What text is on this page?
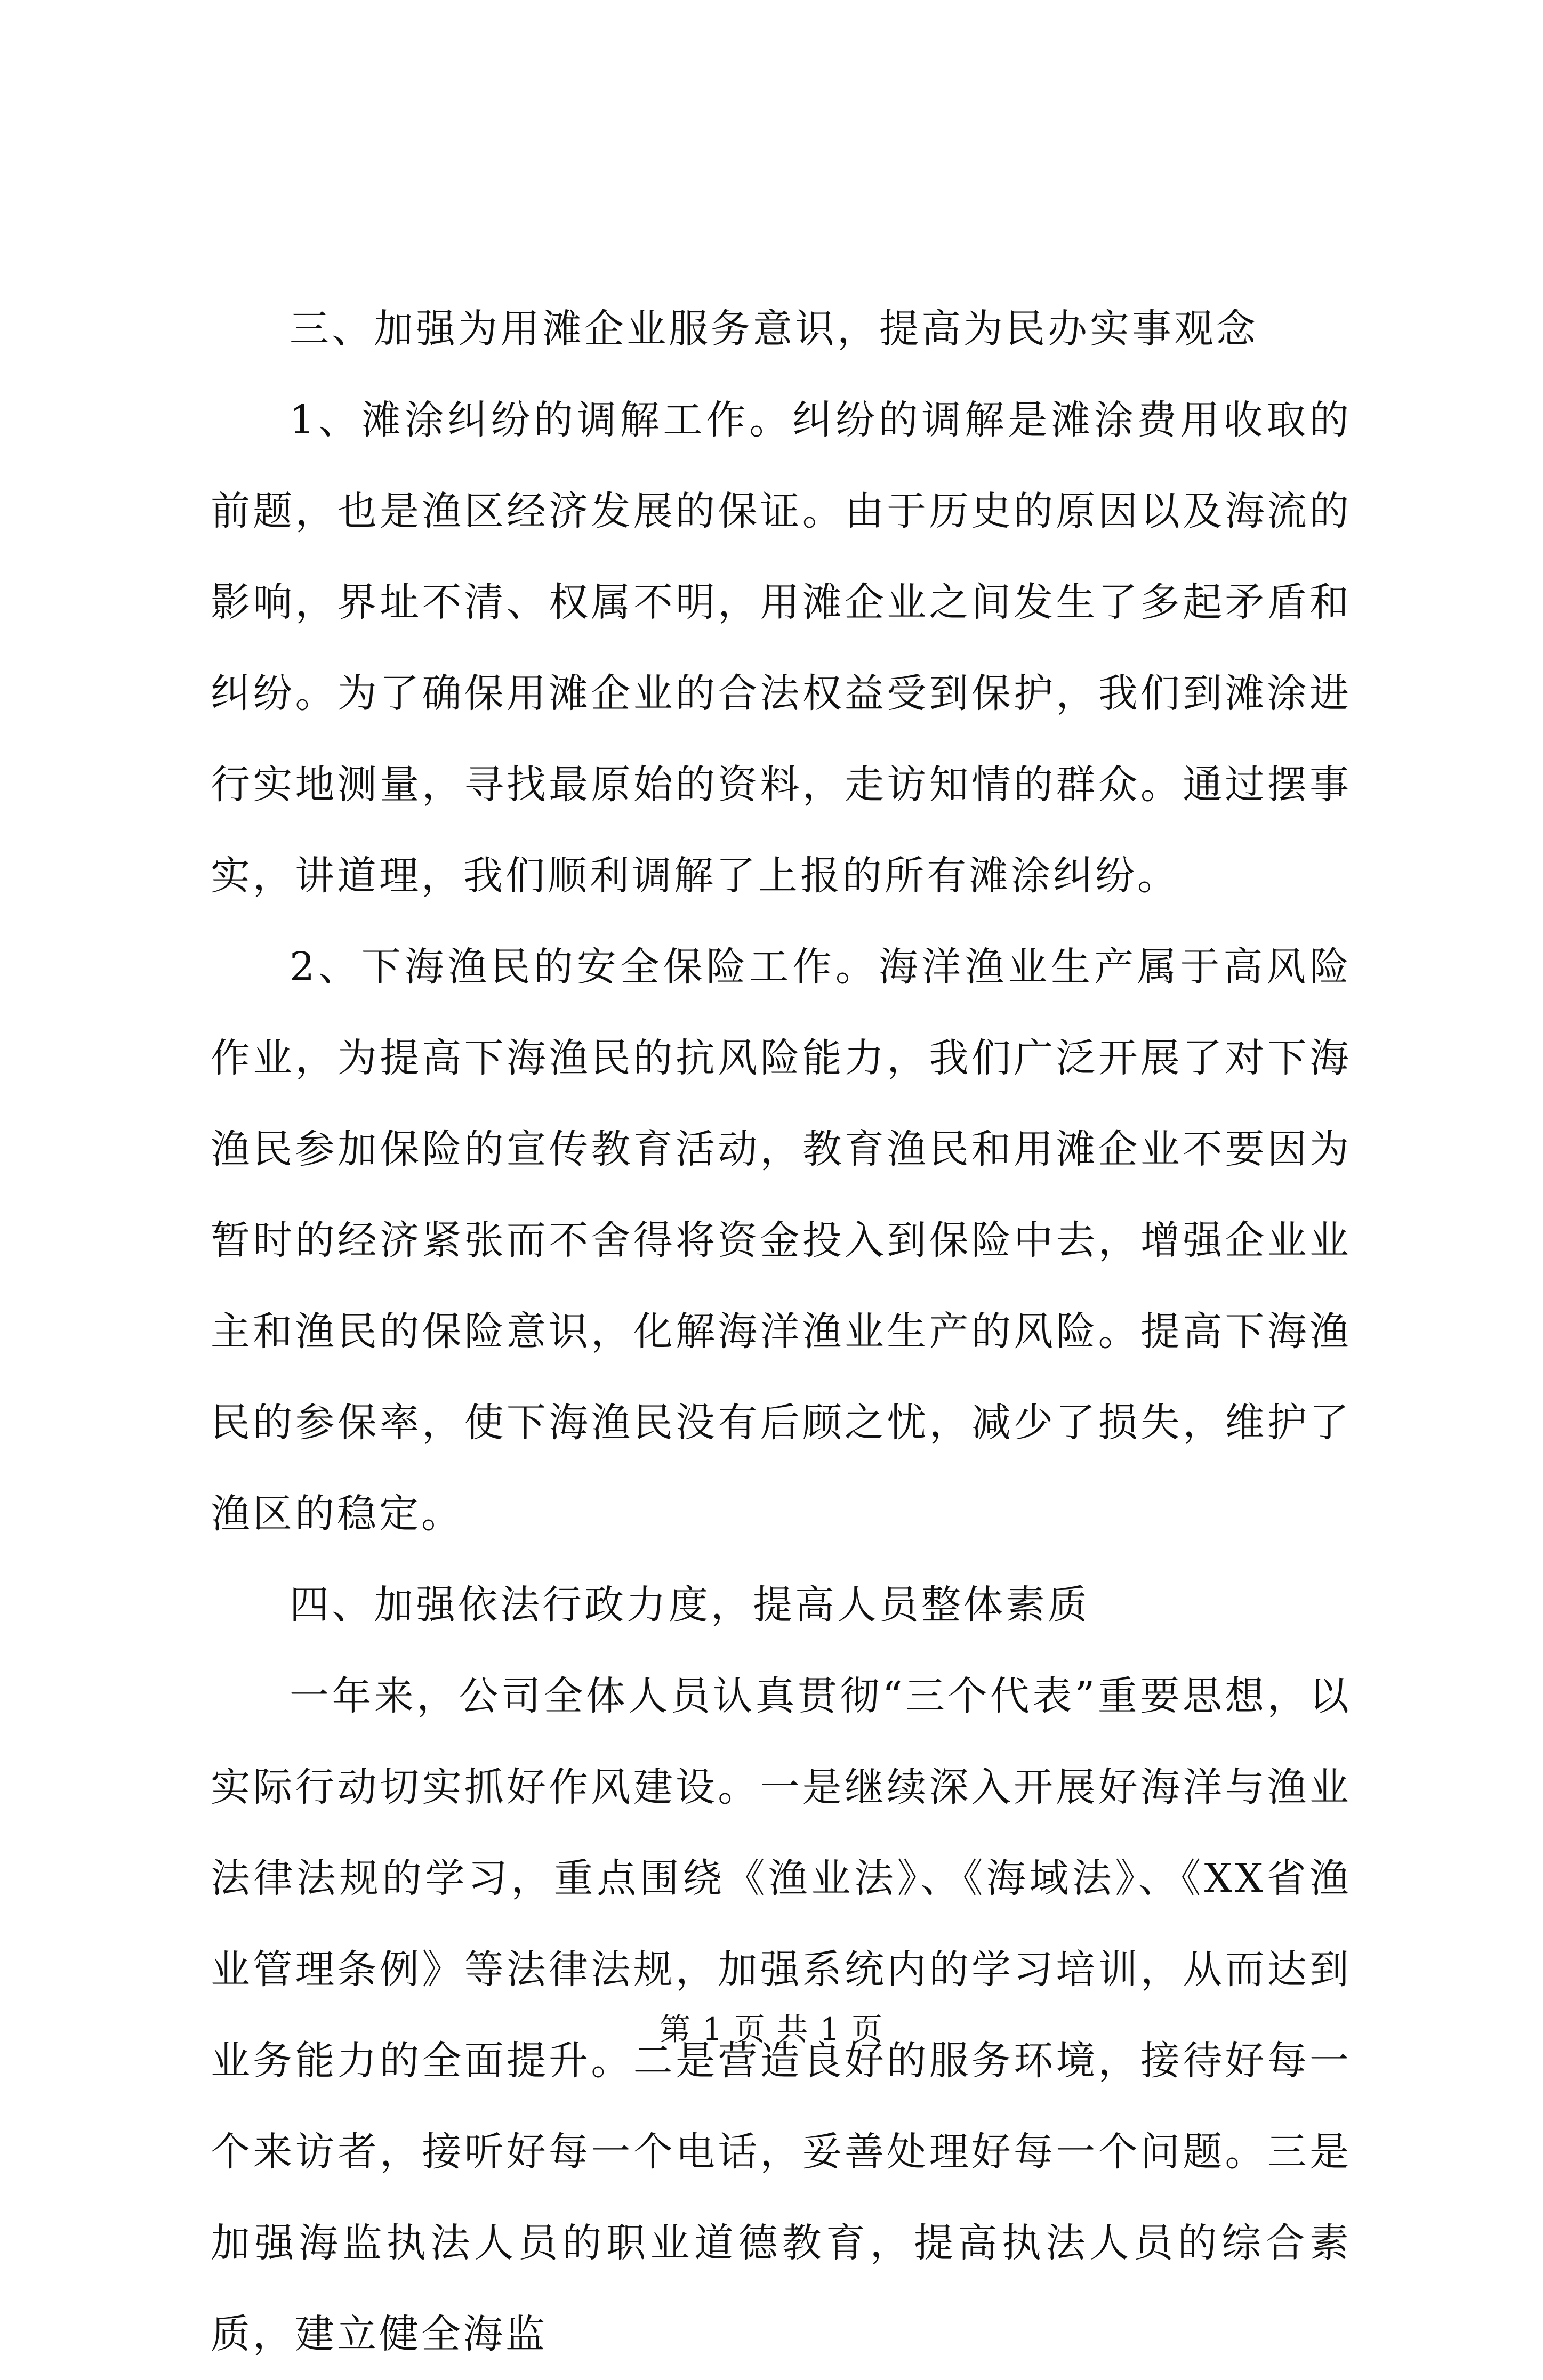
三、加强为用滩企业服务意识，提高为民办实事观念

1、滩涂纠纷的调解工作。纠纷的调解是滩涂费用收取的前题，也是渔区经济发展的保证。由于历史的原因以及海流的影响，界址不清、权属不明，用滩企业之间发生了多起矛盾和纠纷。为了确保用滩企业的合法权益受到保护，我们到滩涂进行实地测量，寻找最原始的资料，走访知情的群众。通过摆事实，讲道理，我们顺利调解了上报的所有滩涂纠纷。

2、下海渔民的安全保险工作。海洋渔业生产属于高风险作业，为提高下海渔民的抗风险能力，我们广泛开展了对下海渔民参加保险的宣传教育活动，教育渔民和用滩企业不要因为暂时的经济紧张而不舍得将资金投入到保险中去，增强企业业主和渔民的保险意识，化解海洋渔业生产的风险。提高下海渔民的参保率，使下海渔民没有后顾之忧，减少了损失，维护了渔区的稳定。

四、加强依法行政力度，提高人员整体素质

一年来，公司全体人员认真贯彻“三个代表”重要思想，以实际行动切实抓好作风建设。一是继续深入开展好海洋与渔业法律法规的学习，重点围绕《渔业法》、《海域法》、《XX省渔业管理条例》等法律法规，加强系统内的学习培训，从而达到业务能力的全面提升。二是营造良好的服务环境，接待好每一个来访者，接听好每一个电话，妥善处理好每一个问题。三是加强海监执法人员的职业道德教育，提高执法人员的综合素质，建立健全海监

第 1 页 共 1 页
